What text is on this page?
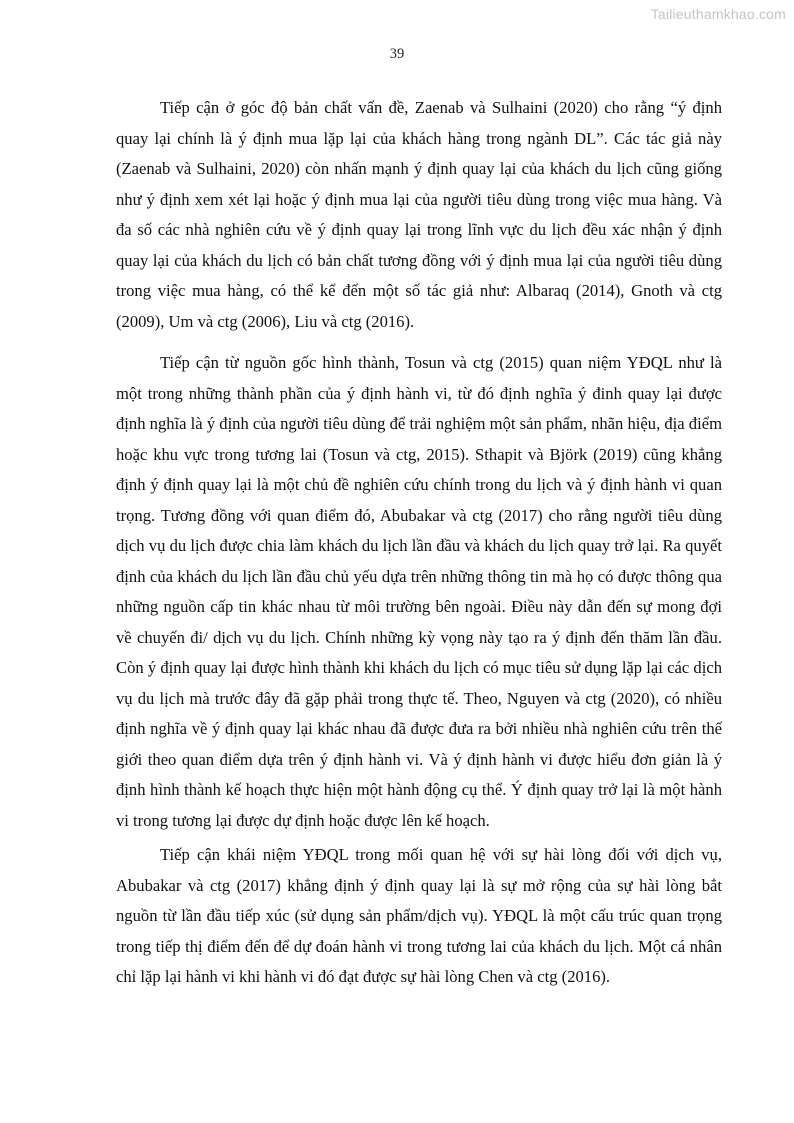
Tailieuthamkhao.com
39

Tiếp cận ở góc độ bản chất vấn đề, Zaenab và Sulhaini (2020) cho rằng “ý định quay lại chính là ý định mua lặp lại của khách hàng trong ngành DL”. Các tác giả này (Zaenab và Sulhaini, 2020) còn nhấn mạnh ý định quay lại của khách du lịch cũng giống như ý định xem xét lại hoặc ý định mua lại của người tiêu dùng trong việc mua hàng. Và đa số các nhà nghiên cứu về ý định quay lại trong lĩnh vực du lịch đều xác nhận ý định quay lại của khách du lịch có bản chất tương đồng với ý định mua lại của người tiêu dùng trong việc mua hàng, có thể kể đến một số tác giả như: Albaraq (2014), Gnoth và ctg (2009), Um và ctg (2006), Liu và ctg (2016).

Tiếp cận từ nguồn gốc hình thành, Tosun và ctg (2015) quan niệm YĐQL như là một trong những thành phần của ý định hành vi, từ đó định nghĩa ý đinh quay lại được định nghĩa là ý định của người tiêu dùng để trải nghiệm một sản phẩm, nhãn hiệu, địa điểm hoặc khu vực trong tương lai (Tosun và ctg, 2015). Sthapit và Björk (2019) cũng khẳng định ý định quay lại là một chủ đề nghiên cứu chính trong du lịch và ý định hành vi quan trọng. Tương đồng với quan điểm đó, Abubakar và ctg (2017) cho rằng người tiêu dùng dịch vụ du lịch được chia làm khách du lịch lần đầu và khách du lịch quay trở lại. Ra quyết định của khách du lịch lần đầu chủ yếu dựa trên những thông tin mà họ có được thông qua những nguồn cấp tin khác nhau từ môi trường bên ngoài. Điều này dẫn đến sự mong đợi về chuyến đi/ dịch vụ du lịch. Chính những kỳ vọng này tạo ra ý định đến thăm lần đầu. Còn ý định quay lại được hình thành khi khách du lịch có mục tiêu sử dụng lặp lại các dịch vụ du lịch mà trước đây đã gặp phải trong thực tế. Theo, Nguyen và ctg (2020), có nhiều định nghĩa về ý định quay lại khác nhau đã được đưa ra bởi nhiều nhà nghiên cứu trên thế giới theo quan điểm dựa trên ý định hành vi. Và ý định hành vi được hiểu đơn giản là ý định hình thành kế hoạch thực hiện một hành động cụ thể. Ý định quay trở lại là một hành vi trong tương lại được dự định hoặc được lên kế hoạch.

Tiếp cận khái niệm YĐQL trong mối quan hệ với sự hài lòng đối với dịch vụ, Abubakar và ctg (2017) khẳng định ý định quay lại là sự mở rộng của sự hài lòng bắt nguồn từ lần đầu tiếp xúc (sử dụng sản phẩm/dịch vụ). YĐQL là một cấu trúc quan trọng trong tiếp thị điểm đến để dự đoán hành vi trong tương lai của khách du lịch. Một cá nhân chỉ lặp lại hành vi khi hành vi đó đạt được sự hài lòng Chen và ctg (2016).
